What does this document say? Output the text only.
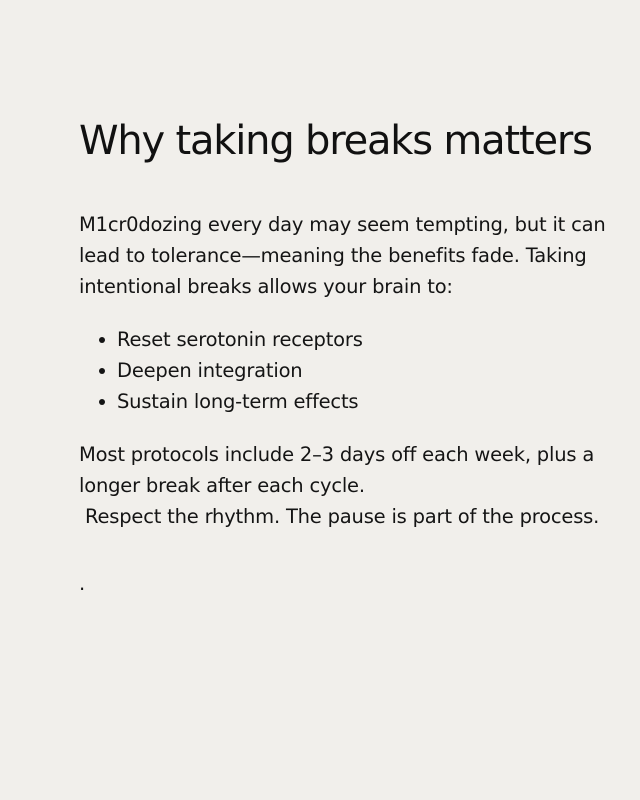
Why taking breaks matters

M1cr0dozing every day may seem tempting, but it can lead to tolerance—meaning the benefits fade. Taking intentional breaks allows your brain to:

Reset serotonin receptors
Deepen integration
Sustain long-term effects

Most protocols include 2–3 days off each week, plus a longer break after each cycle.
Respect the rhythm. The pause is part of the process.

.
